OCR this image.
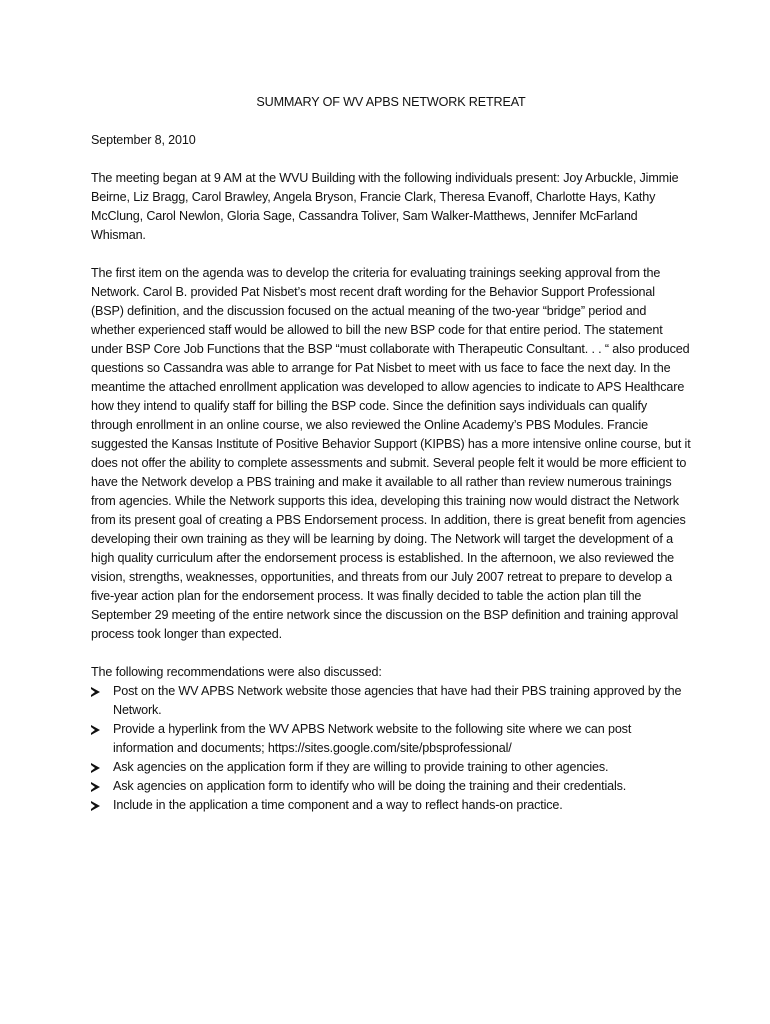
SUMMARY OF WV APBS NETWORK RETREAT
September 8, 2010

The meeting began at 9 AM at the WVU Building with the following individuals present: Joy Arbuckle, Jimmie Beirne, Liz Bragg, Carol Brawley, Angela Bryson, Francie Clark, Theresa Evanoff, Charlotte Hays, Kathy McClung, Carol Newlon, Gloria Sage, Cassandra Toliver, Sam Walker-Matthews, Jennifer McFarland Whisman.

The first item on the agenda was to develop the criteria for evaluating trainings seeking approval from the Network. Carol B. provided Pat Nisbet’s most recent draft wording for the Behavior Support Professional (BSP) definition, and the discussion focused on the actual meaning of the two-year “bridge” period and whether experienced staff would be allowed to bill the new BSP code for that entire period. The statement under BSP Core Job Functions that the BSP “must collaborate with Therapeutic Consultant. . . “ also produced questions so Cassandra was able to arrange for Pat Nisbet to meet with us face to face the next day. In the meantime the attached enrollment application was developed to allow agencies to indicate to APS Healthcare how they intend to qualify staff for billing the BSP code. Since the definition says individuals can qualify through enrollment in an online course, we also reviewed the Online Academy’s PBS Modules. Francie suggested the Kansas Institute of Positive Behavior Support (KIPBS) has a more intensive online course, but it does not offer the ability to complete assessments and submit. Several people felt it would be more efficient to have the Network develop a PBS training and make it available to all rather than review numerous trainings from agencies. While the Network supports this idea, developing this training now would distract the Network from its present goal of creating a PBS Endorsement process. In addition, there is great benefit from agencies developing their own training as they will be learning by doing. The Network will target the development of a high quality curriculum after the endorsement process is established. In the afternoon, we also reviewed the vision, strengths, weaknesses, opportunities, and threats from our July 2007 retreat to prepare to develop a five-year action plan for the endorsement process. It was finally decided to table the action plan till the September 29 meeting of the entire network since the discussion on the BSP definition and training approval process took longer than expected.

The following recommendations were also discussed:

Post on the WV APBS Network website those agencies that have had their PBS training approved by the Network.
Provide a hyperlink from the WV APBS Network website to the following site where we can post information and documents; https://sites.google.com/site/pbsprofessional/
Ask agencies on the application form if they are willing to provide training to other agencies.
Ask agencies on application form to identify who will be doing the training and their credentials.
Include in the application a time component and a way to reflect hands-on practice.
